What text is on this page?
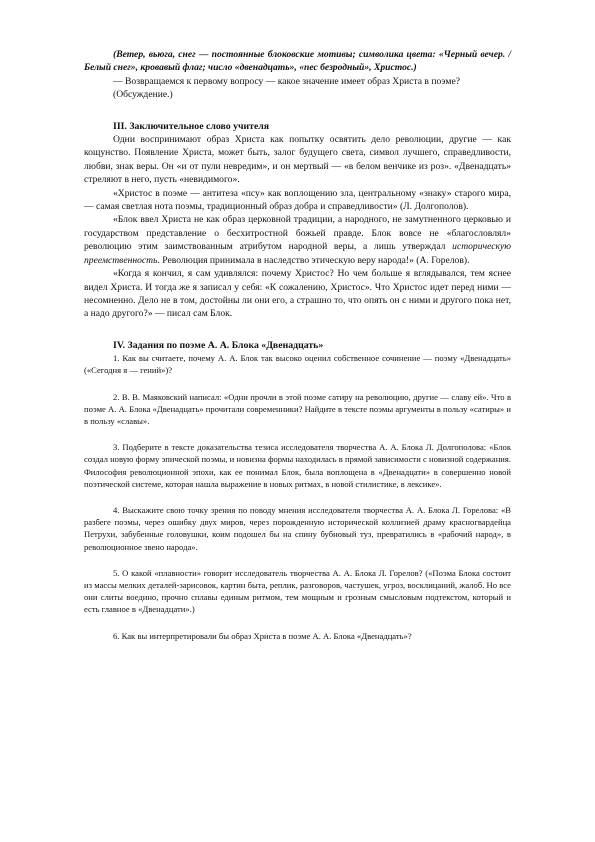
(Ветер, вьюга, снег — постоянные блоковские мотивы; символика цвета: «Черный вечер. / Белый снег», кровавый флаг; число «двенадцать», «пес безродный», Христос.)

— Возвращаемся к первому вопросу — какое значение имеет образ Христа в поэме?

(Обсуждение.)

III. Заключительное слово учителя

Одни воспринимают образ Христа как попытку освятить дело революции, другие — как кощунство. Появление Христа, может быть, залог будущего света, символ лучшего, справедливости, любви, знак веры. Он «и от пули невредим», и он мертвый — «в белом венчике из роз». «Двенадцать» стреляют в него, пусть «невидимого».

«Христос в поэме — антитеза «псу» как воплощению зла, центральному «знаку» старого мира, — самая светлая нота поэмы, традиционный образ добра и справедливости» (Л. Долгополов).

«Блок ввел Христа не как образ церковной традиции, а народного, не замутненного церковью и государством представление о бесхитростной божьей правде. Блок вовсе не «благословлял» революцию этим заимствованным атрибутом народной веры, а лишь утверждал историческую преемственность. Революция принимала в наследство этическую веру народа!» (А. Горелов).

«Когда я кончил, я сам удивлялся: почему Христос? Но чем больше я вглядывался, тем яснее видел Христа. И тогда же я записал у себя: «К сожалению, Христос». Что Христос идет перед ними — несомненно. Дело не в том, достойны ли они его, а страшно то, что опять он с ними и другого пока нет, а надо другого?» — писал сам Блок.

IV. Задания по поэме А. А. Блока «Двенадцать»

1. Как вы считаете, почему А. А. Блок так высоко оценил собственное сочинение — поэму «Двенадцать» («Сегодня я — гений»)?

2. В. В. Маяковский написал: «Одни прочли в этой поэме сатиру на революцию, другие — славу ей». Что в поэме А. А. Блока «Двенадцать» прочитали современники? Найдите в тексте поэмы аргументы в пользу «сатиры» и в пользу «славы».

3. Подберите в тексте доказательства тезиса исследователя творчества А. А. Блока Л. Долгополова: «Блок создал новую форму эпической поэмы, и новизна формы находилась в прямой зависимости с новизной содержания. Философия революционной эпохи, как ее понимал Блок, была воплощена в «Двенадцати» в совершенно новой поэтической системе, которая нашла выражение в новых ритмах, в новой стилистике, в лексике».

4. Выскажите свою точку зрения по поводу мнения исследователя творчества А. А. Блока Л. Горелова: «В разбеге поэмы, через ошибку двух миров, через порожденную исторической коллизией драму красногвардейца Петрухи, забубенные головушки, коим подошел бы на спину бубновый туз, превратились в «рабочий народ», в революционное звено народа».

5. О какой «плавности» говорит исследователь творчества А. А. Блока Л. Горелов? («Поэма Блока состоит из массы мелких деталей-зарисовок, картин быта, реплик, разговоров, частушек, угроз, восклицаний, жалоб. Но все они слиты воедино, прочно сплавы единым ритмом, тем мощным и грозным смысловым подтекстом, который и есть главное в «Двенадцати».)

6. Как вы интерпретировали бы образ Христа в поэме А. А. Блока «Двенадцать»?
